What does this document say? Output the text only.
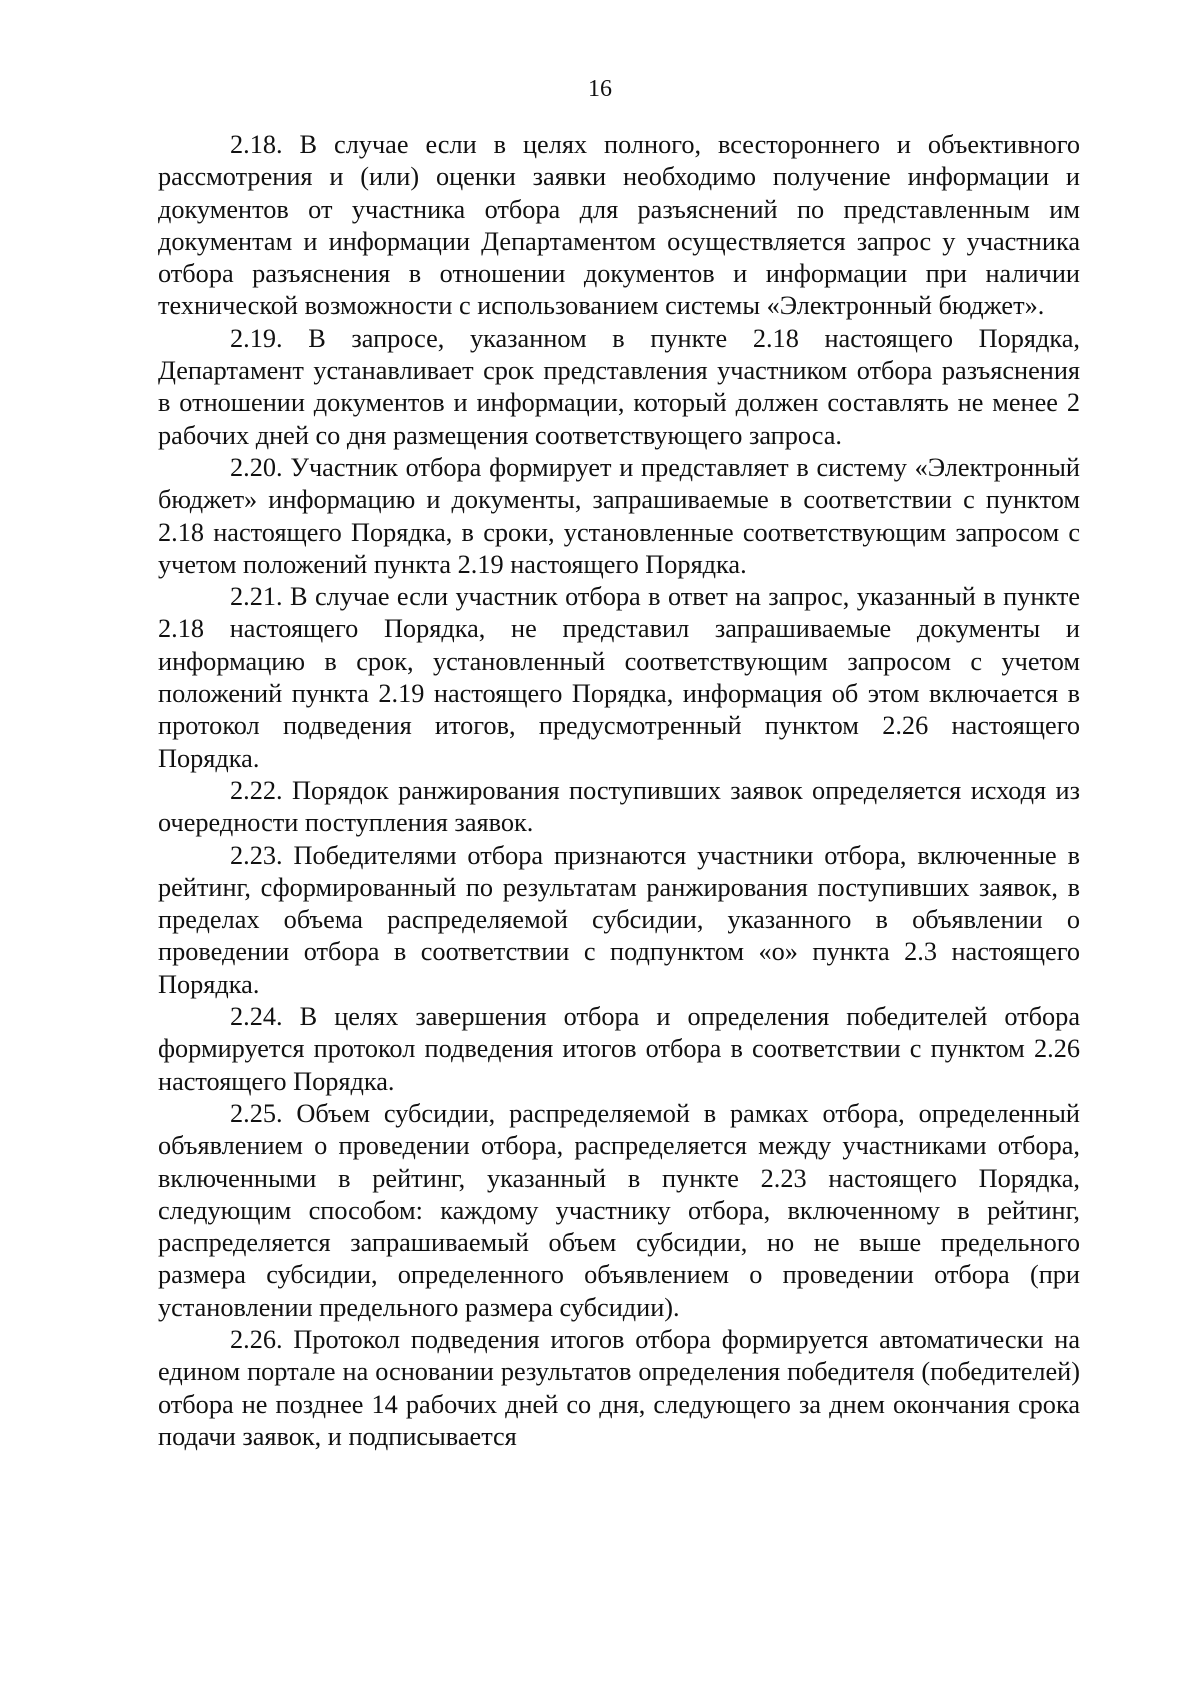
16

2.18. В случае если в целях полного, всестороннего и объективного рассмотрения и (или) оценки заявки необходимо получение информации и документов от участника отбора для разъяснений по представленным им документам и информации Департаментом осуществляется запрос у участника отбора разъяснения в отношении документов и информации при наличии технической возможности с использованием системы «Электронный бюджет».

2.19. В запросе, указанном в пункте 2.18 настоящего Порядка, Департамент устанавливает срок представления участником отбора разъяснения в отношении документов и информации, который должен составлять не менее 2 рабочих дней со дня размещения соответствующего запроса.

2.20. Участник отбора формирует и представляет в систему «Электронный бюджет» информацию и документы, запрашиваемые в соответствии с пунктом 2.18 настоящего Порядка, в сроки, установленные соответствующим запросом с учетом положений пункта 2.19 настоящего Порядка.

2.21. В случае если участник отбора в ответ на запрос, указанный в пункте 2.18 настоящего Порядка, не представил запрашиваемые документы и информацию в срок, установленный соответствующим запросом с учетом положений пункта 2.19 настоящего Порядка, информация об этом включается в протокол подведения итогов, предусмотренный пунктом 2.26 настоящего Порядка.

2.22. Порядок ранжирования поступивших заявок определяется исходя из очередности поступления заявок.

2.23. Победителями отбора признаются участники отбора, включенные в рейтинг, сформированный по результатам ранжирования поступивших заявок, в пределах объема распределяемой субсидии, указанного в объявлении о проведении отбора в соответствии с подпунктом «о» пункта 2.3 настоящего Порядка.

2.24. В целях завершения отбора и определения победителей отбора формируется протокол подведения итогов отбора в соответствии с пунктом 2.26 настоящего Порядка.

2.25. Объем субсидии, распределяемой в рамках отбора, определенный объявлением о проведении отбора, распределяется между участниками отбора, включенными в рейтинг, указанный в пункте 2.23 настоящего Порядка, следующим способом: каждому участнику отбора, включенному в рейтинг, распределяется запрашиваемый объем субсидии, но не выше предельного размера субсидии, определенного объявлением о проведении отбора (при установлении предельного размера субсидии).

2.26. Протокол подведения итогов отбора формируется автоматически на едином портале на основании результатов определения победителя (победителей) отбора не позднее 14 рабочих дней со дня, следующего за днем окончания срока подачи заявок, и подписывается
